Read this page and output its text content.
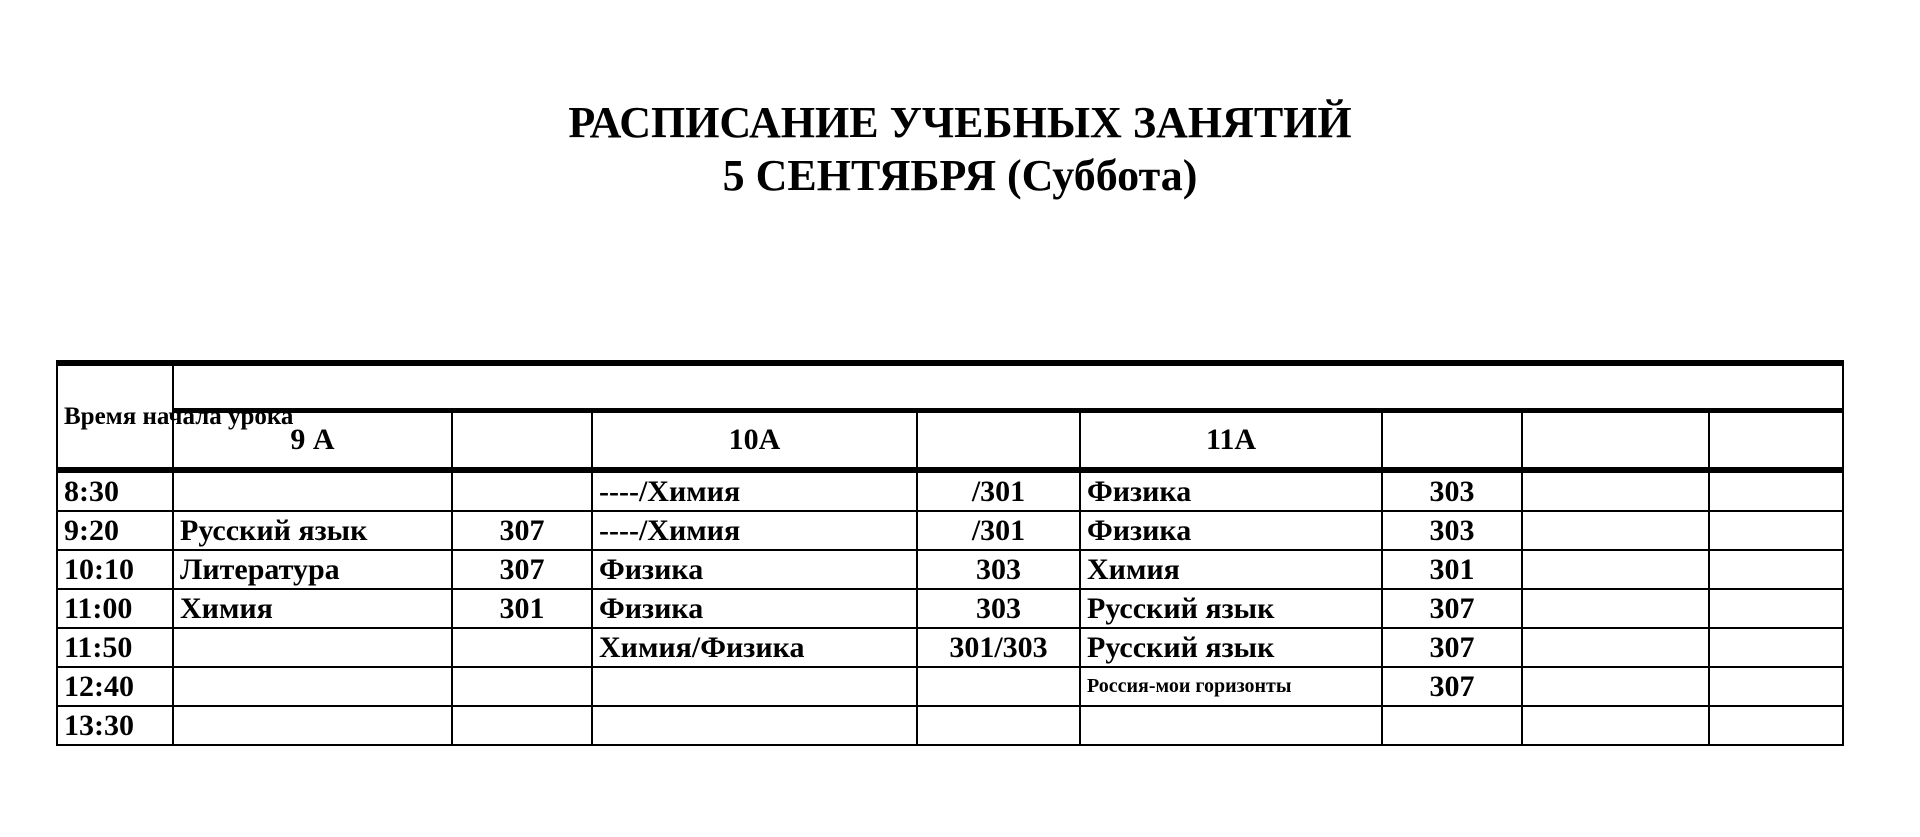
РАСПИСАНИЕ УЧЕБНЫХ ЗАНЯТИЙ
5 СЕНТЯБРЯ (Суббота)
Время начала урока								
	9 А		10А		11А			
8:30			----/Химия	/301	Физика	303		
9:20	Русский язык	307	----/Химия	/301	Физика	303		
10:10	Литература	307	Физика	303	Химия	301		
11:00	Химия	301	Физика	303	Русский язык	307		
11:50			Химия/Физика	301/303	Русский язык	307		
12:40					Россия-мои горизонты	307		
13:30								
